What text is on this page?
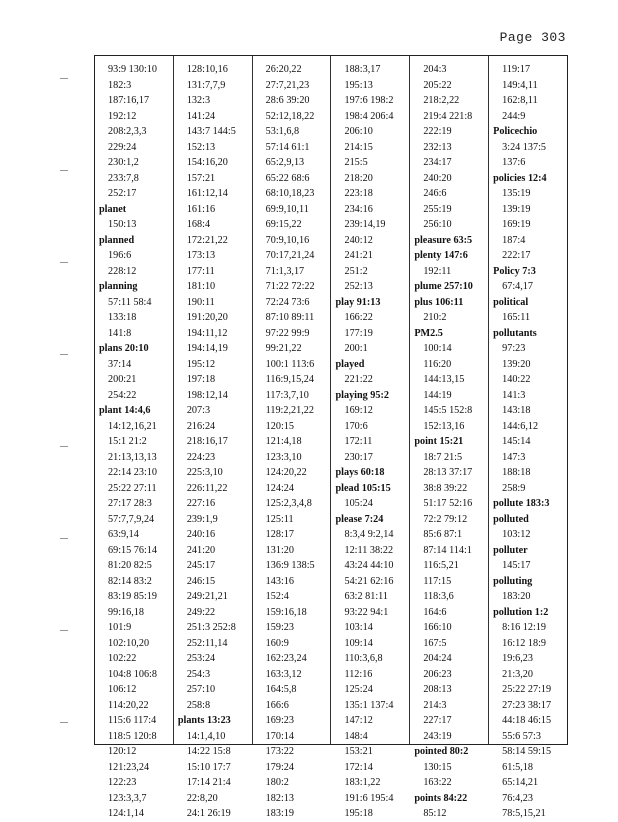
Page 303
93:9 130:10
182:3
187:16,17
192:12
208:2,3,3
229:24
230:1,2
233:7,8
252:17
planet
150:13
planned
196:6
228:12
planning
57:11 58:4
133:18
141:8
plans 20:10
37:14
200:21
254:22
plant 14:4,6
14:12,16,21
15:1 21:2
21:13,13,13
22:14 23:10
25:22 27:11
27:17 28:3
57:7,7,9,24
63:9,14
69:15 76:14
81:20 82:5
82:14 83:2
83:19 85:19
99:16,18
101:9
102:10,20
102:22
104:8 106:8
106:12
114:20,22
115:6 117:4
118:5 120:8
120:12
121:23,24
122:23
123:3,3,7
124:1,14
128:10,16
131:7,7,9
132:3
141:24
143:7 144:5
152:13
154:16,20
157:21
161:12,14
161:16
168:4
172:21,22
173:13
177:11
181:10
190:11
191:20,20
194:11,12
194:14,19
195:12
197:18
198:12,14
207:3
216:24
218:16,17
224:23
225:3,10
226:11,22
227:16
239:1,9
240:16
241:20
245:17
246:15
249:21,21
249:22
251:3 252:8
252:11,14
253:24
254:3
257:10
258:8
plants 13:23
14:1,4,10
14:22 15:8
15:10 17:7
17:14 21:4
22:8,20
24:1 26:19
26:20,22
27:7,21,23
28:6 39:20
52:12,18,22
53:1,6,8
57:14 61:1
65:2,9,13
65:22 68:6
68:10,18,23
69:9,10,11
69:15,22
70:9,10,16
70:17,21,24
71:1,3,17
71:22 72:22
72:24 73:6
87:10 89:11
97:22 99:9
99:21,22
100:1 113:6
116:9,15,24
117:3,7,10
119:2,21,22
120:15
121:4,18
123:3,10
124:20,22
124:24
125:2,3,4,8
125:11
128:17
131:20
136:9 138:5
143:16
152:4
159:16,18
159:23
160:9
162:23,24
163:3,12
164:5,8
166:6
169:23
170:14
173:22
179:24
180:2
182:13
183:19
188:3,17
195:13
197:6 198:2
198:4 206:4
206:10
214:15
215:5
218:20
223:18
234:16
239:14,19
240:12
241:21
251:2
252:13
play 91:13
166:22
177:19
200:1
played
221:22
playing 95:2
169:12
170:6
172:11
230:17
plays 60:18
plead 105:15
105:24
please 7:24
8:3,4 9:2,14
12:11 38:22
43:24 44:10
54:21 62:16
63:2 81:11
93:22 94:1
103:14
109:14
110:3,6,8
112:16
125:24
135:1 137:4
147:12
148:4
153:21
172:14
183:1,22
191:6 195:4
195:18
204:3
205:22
218:2,22
219:4 221:8
222:19
232:13
234:17
240:20
246:6
255:19
256:10
pleasure 63:5
plenty 147:6
192:11
plume 257:10
plus 106:11
210:2
PM2.5
100:14
116:20
144:13,15
144:19
145:5 152:8
152:13,16
point 15:21
18:7 21:5
28:13 37:17
38:8 39:22
51:17 52:16
72:2 79:12
85:6 87:1
87:14 114:1
116:5,21
117:15
118:3,6
164:6
166:10
167:5
204:24
206:23
208:13
214:3
227:17
243:19
pointed 80:2
130:15
163:22
points 84:22
85:12
119:17
149:4,11
162:8,11
244:9
Policechio
3:24 137:5
137:6
policies 12:4
135:19
139:19
169:19
187:4
222:17
Policy 7:3
67:4,17
political
165:11
pollutants
97:23
139:20
140:22
141:3
143:18
144:6,12
145:14
147:3
188:18
258:9
pollute 183:3
polluted
103:12
polluter
145:17
polluting
183:20
pollution 1:2
8:16 12:19
16:12 18:9
19:6,23
21:3,20
25:22 27:19
27:23 38:17
44:18 46:15
55:6 57:3
58:14 59:15
61:5,18
65:14,21
76:4,23
78:5,15,21
